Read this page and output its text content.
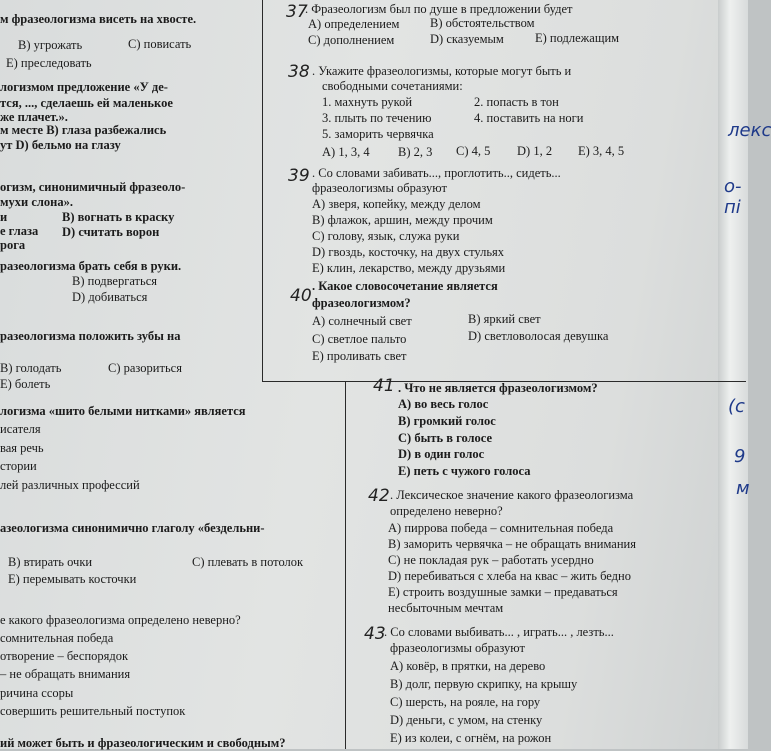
м фразеологизма висеть на хвосте.
В) угрожать	С) повисать
Е) преследовать
логизмом предложение «У де-
тся, ..., сделаешь ей маленькое
же плачет.».
м месте В) глаза разбежались
ут D) бельмо на глазу
огизм, синонимичный фразеоло-
мухи слона».
и	В) вогнать в краску
е глаза D) считать ворон
рога
разеологизма брать себя в руки.
В) подвергаться
D) добиваться
разеологизма положить зубы на
В) голодать	С) разориться
Е) болеть
логизма «шито белыми нитками» является
исателя
вая речь
стории
лей различных профессий
азеологизма синонимично глаголу «бездельни-
В) втирать очки	С) плевать в потолок
Е) перемывать косточки
е какого фразеологизма определено неверно?
сомнительная победа
отворение – беспорядок
– не обращать внимания
ричина ссоры
совершить решительный поступок
ий может быть и фразеологическим и свободным?
. Фразеологизм был по душе в предложении будет
А) определением В) обстоятельством
С) дополнением	D) сказуемым Е) подлежащим
. Укажите фразеологизмы, которые могут быть и
свободными сочетаниями:
1. махнуть рукой	2. попасть в тон
3. плыть по течению	4. поставить на ноги
5. заморить червячка
А) 1, 3, 4 В) 2, 3 С) 4, 5 D) 1, 2 Е) 3, 4, 5
. Со словами забивать..., проглотить.., сидеть...
фразеологизмы образуют
А) зверя, копейку, между делом
В) флажок, аршин, между прочим
С) голову, язык, служа руки
D) гвоздь, косточку, на двух стульях
Е) клин, лекарство, между друзьями
. Какое словосочетание является
фразеологизмом?
А) солнечный свет	В) яркий свет
С) светлое пальто	D) светловолосая девушка
Е) проливать свет
. Что не является фразеологизмом?
А) во весь голос
В) громкий голос
С) быть в голосе
D) в один голос
Е) петь с чужого голоса
. Лексическое значение какого фразеологизма
определено неверно?
А) пиррова победа – сомнительная победа
В) заморить червячка – не обращать внимания
С) не покладая рук – работать усердно
D) перебиваться с хлеба на квас – жить бедно
Е) строить воздушные замки – предаваться
несбыточным мечтам
. Со словами выбивать... , играть... , лезть...
фразеологизмы образуют
А) ковёр, в прятки, на дерево
В) долг, первую скрипку, на крышу
С) шерсть, на рояле, на гору
D) деньги, с умом, на стенку
Е) из колеи, с огнём, на рожон
37
38
39
40
41
42
43
лекс
о-пі
(с
9
м
